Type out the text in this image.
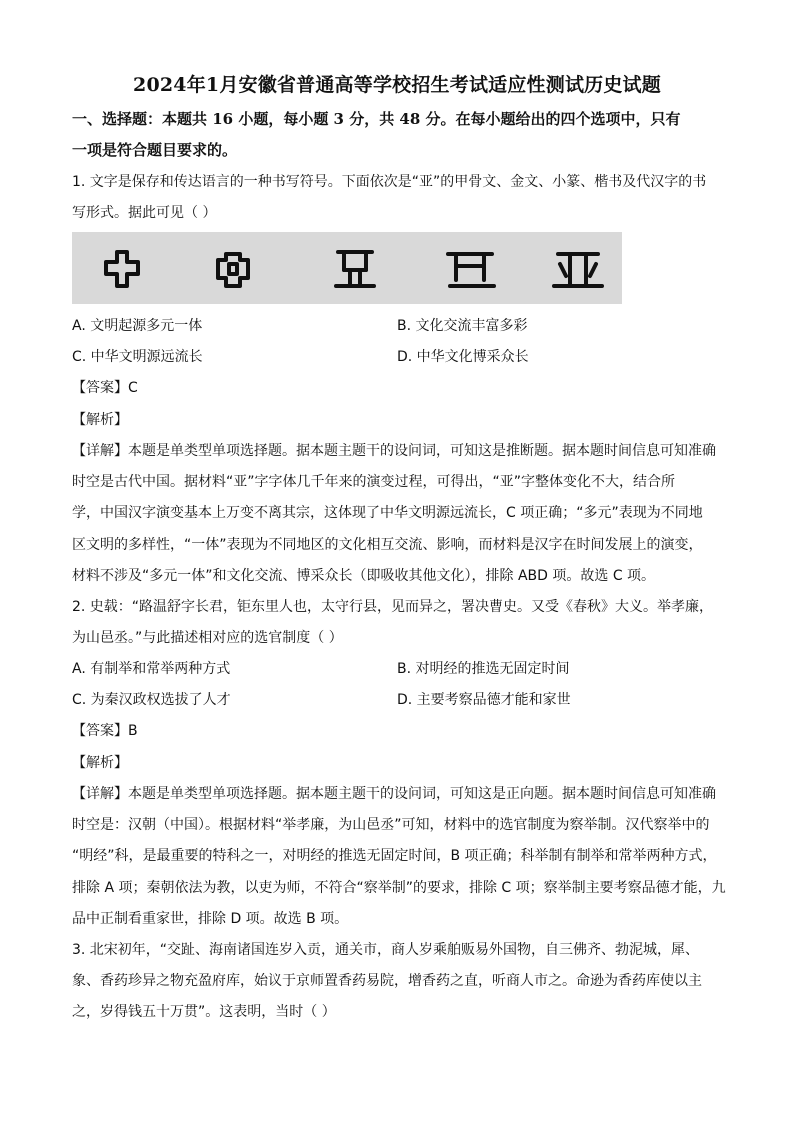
2024年1月安徽省普通高等学校招生考试适应性测试历史试题
一、选择题：本题共 16 小题，每小题 3 分，共 48 分。在每小题给出的四个选项中，只有
一项是符合题目要求的。
1. 文字是保存和传达语言的一种书写符号。下面依次是“亚”的甲骨文、金文、小篆、楷书及代汉字的书
写形式。据此可见（ ）
A. 文明起源多元一体	B. 文化交流丰富多彩
C. 中华文明源远流长	D. 中华文化博采众长
【答案】C
【解析】
【详解】本题是单类型单项选择题。据本题主题干的设问词，可知这是推断题。据本题时间信息可知准确
时空是古代中国。据材料“亚”字字体几千年来的演变过程，可得出，“亚”字整体变化不大，结合所
学，中国汉字演变基本上万变不离其宗，这体现了中华文明源远流长，C 项正确；“多元”表现为不同地
区文明的多样性，“一体”表现为不同地区的文化相互交流、影响，而材料是汉字在时间发展上的演变，
材料不涉及“多元一体”和文化交流、博采众长（即吸收其他文化），排除 ABD 项。故选 C 项。
2. 史载：“路温舒字长君，钜东里人也，太守行县，见而异之，署决曹史。又受《春秋》大义。举孝廉，
为山邑丞。”与此描述相对应的选官制度（ ）
A. 有制举和常举两种方式	B. 对明经的推选无固定时间
C. 为秦汉政权选拔了人才	D. 主要考察品德才能和家世
【答案】B
【解析】
【详解】本题是单类型单项选择题。据本题主题干的设问词，可知这是正向题。据本题时间信息可知准确
时空是：汉朝（中国）。根据材料“举孝廉，为山邑丞”可知，材料中的选官制度为察举制。汉代察举中的
“明经”科，是最重要的特科之一，对明经的推选无固定时间，B 项正确；科举制有制举和常举两种方式，
排除 A 项；秦朝依法为教，以吏为师，不符合“察举制”的要求，排除 C 项；察举制主要考察品德才能，九
品中正制看重家世，排除 D 项。故选 B 项。
3. 北宋初年，“交趾、海南诸国连岁入贡，通关市，商人岁乘舶贩易外国物，自三佛齐、勃泥城，犀、
象、香药珍异之物充盈府库，始议于京师置香药易院，增香药之直，听商人市之。命逊为香药库使以主
之，岁得钱五十万贯”。这表明，当时（ ）
